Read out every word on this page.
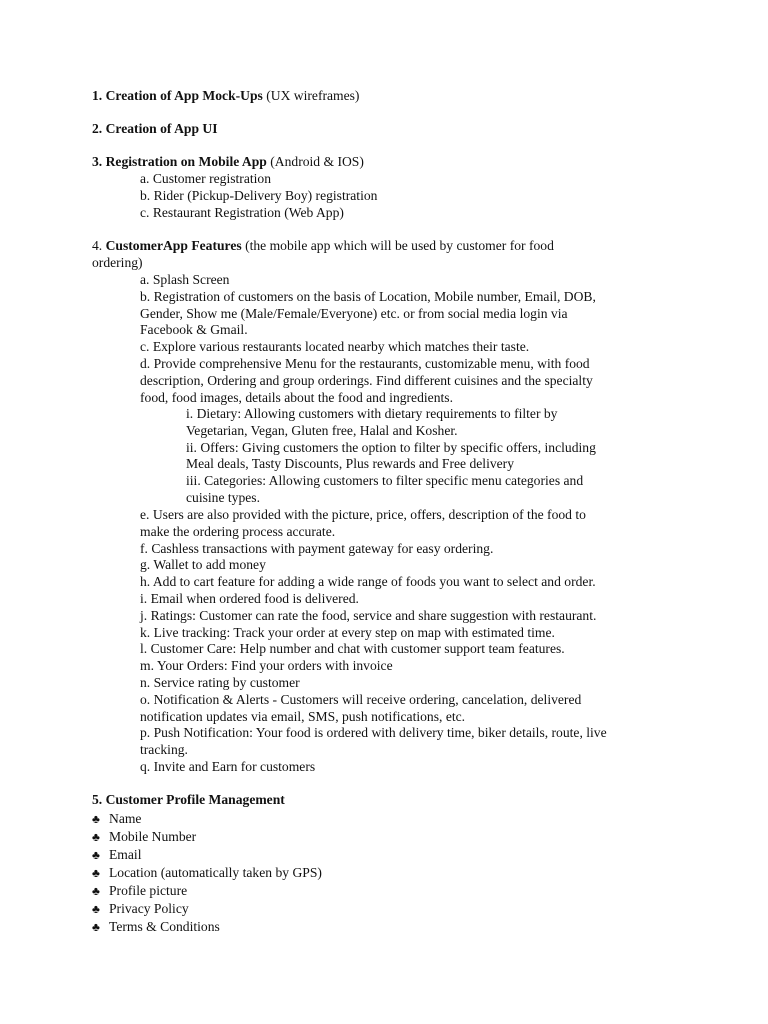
1. Creation of App Mock-Ups (UX wireframes)
2. Creation of App UI
3. Registration on Mobile App (Android & IOS)
a. Customer registration
b. Rider (Pickup-Delivery Boy) registration
c. Restaurant Registration (Web App)
4. CustomerApp Features (the mobile app which will be used by customer for food
ordering)
a. Splash Screen
b. Registration of customers on the basis of Location, Mobile number, Email, DOB,
Gender, Show me (Male/Female/Everyone) etc. or from social media login via
Facebook & Gmail.
c. Explore various restaurants located nearby which matches their taste.
d. Provide comprehensive Menu for the restaurants, customizable menu, with food
description, Ordering and group orderings. Find different cuisines and the specialty
food, food images, details about the food and ingredients.
i. Dietary: Allowing customers with dietary requirements to filter by
Vegetarian, Vegan, Gluten free, Halal and Kosher.
ii. Offers: Giving customers the option to filter by specific offers, including
Meal deals, Tasty Discounts, Plus rewards and Free delivery
iii. Categories: Allowing customers to filter specific menu categories and
cuisine types.
e. Users are also provided with the picture, price, offers, description of the food to
make the ordering process accurate.
f. Cashless transactions with payment gateway for easy ordering.
g. Wallet to add money
h. Add to cart feature for adding a wide range of foods you want to select and order.
i. Email when ordered food is delivered.
j. Ratings: Customer can rate the food, service and share suggestion with restaurant.
k. Live tracking: Track your order at every step on map with estimated time.
l. Customer Care: Help number and chat with customer support team features.
m. Your Orders: Find your orders with invoice
n. Service rating by customer
o. Notification & Alerts - Customers will receive ordering, cancelation, delivered
notification updates via email, SMS, push notifications, etc.
p. Push Notification: Your food is ordered with delivery time, biker details, route, live
tracking.
q. Invite and Earn for customers
5. Customer Profile Management
♣ Name
♣ Mobile Number
♣ Email
♣ Location (automatically taken by GPS)
♣ Profile picture
♣ Privacy Policy
♣ Terms & Conditions
